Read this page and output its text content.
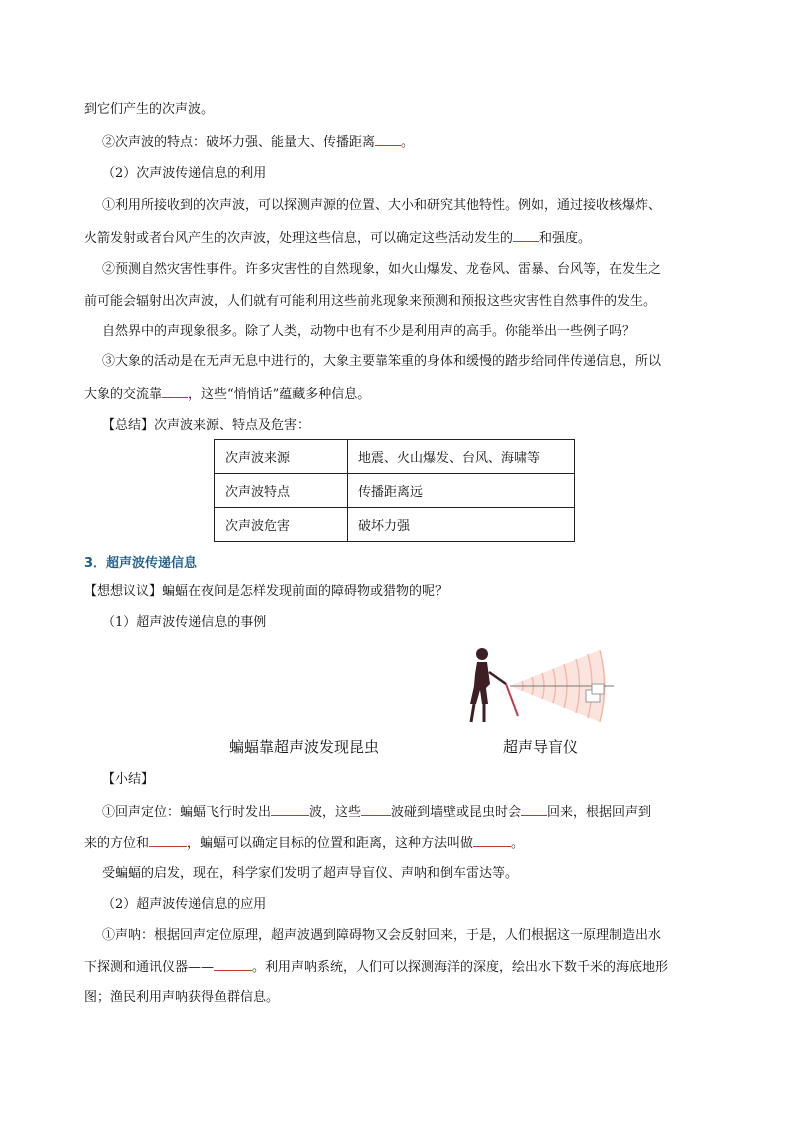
到它们产生的次声波。
②次声波的特点：破坏力强、能量大、传播距离 。
（2）次声波传递信息的利用
①利用所接收到的次声波，可以探测声源的位置、大小和研究其他特性。例如，通过接收核爆炸、
火箭发射或者台风产生的次声波，处理这些信息，可以确定这些活动发生的 和强度。
②预测自然灾害性事件。许多灾害性的自然现象，如火山爆发、龙卷风、雷暴、台风等，在发生之
前可能会辐射出次声波，人们就有可能利用这些前兆现象来预测和预报这些灾害性自然事件的发生。
自然界中的声现象很多。除了人类，动物中也有不少是利用声的高手。你能举出一些例子吗？
③大象的活动是在无声无息中进行的，大象主要靠笨重的身体和缓慢的踏步给同伴传递信息，所以
大象的交流靠 ，这些“悄悄话”蕴藏多种信息。
【总结】次声波来源、特点及危害：
次声波来源	地震、火山爆发、台风、海啸等
次声波特点	传播距离远
次声波危害	破坏力强
3．超声波传递信息
【想想议议】蝙蝠在夜间是怎样发现前面的障碍物或猎物的呢？
（1）超声波传递信息的事例
蝙蝠靠超声波发现昆虫	超声导盲仪
【小结】
①回声定位：蝙蝠飞行时发出	波，这些 波碰到墙壁或昆虫时会 回来，根据回声到
来的方位和	，蝙蝠可以确定目标的位置和距离，这种方法叫做	。
受蝙蝠的启发，现在，科学家们发明了超声导盲仪、声呐和倒车雷达等。
（2）超声波传递信息的应用
①声呐：根据回声定位原理，超声波遇到障碍物又会反射回来，于是，人们根据这一原理制造出水
下探测和通讯仪器——	。利用声呐系统，人们可以探测海洋的深度，绘出水下数千米的海底地形
图；渔民利用声呐获得鱼群信息。
